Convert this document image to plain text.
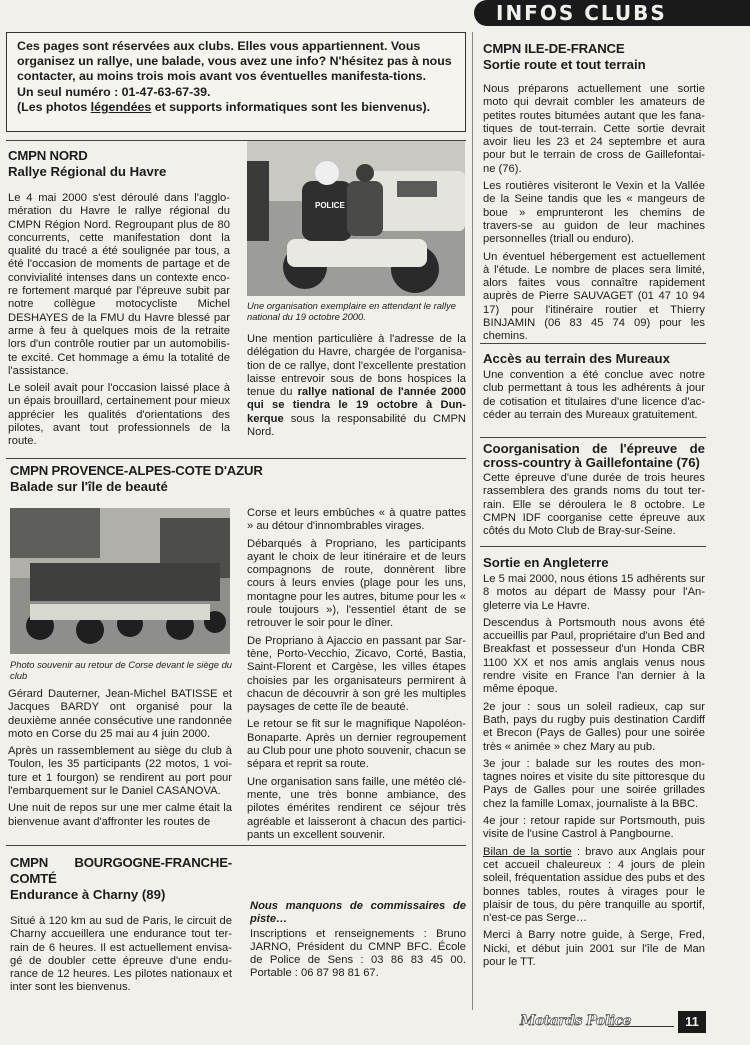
INFOS CLUBS
Ces pages sont réservées aux clubs. Elles vous appartiennent. Vous organisez un rallye, une balade, vous avez une info? N'hésitez pas à nous contacter, au moins trois mois avant vos éventuelles manifesta-tions.
Un seul numéro : 01-47-63-67-39.
(Les photos légendées et supports informatiques sont les bienvenus).
CMPN NORD
Rallye Régional du Havre

Le 4 mai 2000 s'est déroulé dans l'agglo-mération du Havre le rallye régional du CMPN Région Nord. Regroupant plus de 80 concurrents, cette manifestation dont la qualité du tracé a été soulignée par tous, a été l'occasion de moments de partage et de convivialité intenses dans un contexte enco-re fortement marqué par l'épreuve subit par notre collègue motocycliste Michel DESHAYES de la FMU du Havre blessé par arme à feu à quelques mois de la retraite lors d'un contrôle routier par un automobilis-te excité. Cet hommage a ému la totalité de l'assistance.

Le soleil avait pour l'occasion laissé place à un épais brouillard, certainement pour mieux apprécier les qualités d'orientations des pilotes, avant tout professionnels de la route.

POLICE
Une organisation exemplaire en attendant le rallye national du 19 octobre 2000.

Une mention particulière à l'adresse de la délégation du Havre, chargée de l'organisa-tion de ce rallye, dont l'excellente prestation laisse entrevoir sous de bons hospices la tenue du rallye national de l'année 2000 qui se tiendra le 19 octobre à Dun-kerque sous la responsabilité du CMPN Nord.

CMPN PROVENCE-ALPES-COTE D'AZUR
Balade sur l'île de beauté
Photo souvenir au retour de Corse devant le siège du club

Gérard Dauterner, Jean-Michel BATISSE et Jacques BARDY ont organisé pour la deuxième année consécutive une randonnée moto en Corse du 25 mai au 4 juin 2000.

Après un rassemblement au siège du club à Toulon, les 35 participants (22 motos, 1 voi-ture et 1 fourgon) se rendirent au port pour l'embarquement sur le Daniel CASANOVA.

Une nuit de repos sur une mer calme était la bienvenue avant d'affronter les routes de

Corse et leurs embûches « à quatre pattes » au détour d'innombrables virages.

Débarqués à Propriano, les participants ayant le choix de leur itinéraire et de leurs compagnons de route, donnèrent libre cours à leurs envies (plage pour les uns, montagne pour les autres, bitume pour les « roule toujours »), l'essentiel étant de se retrouver le soir pour le dîner.

De Propriano à Ajaccio en passant par Sar-tène, Porto-Vecchio, Zicavo, Corté, Bastia, Saint-Florent et Cargèse, les villes étapes choisies par les organisateurs permirent à chacun de découvrir à son gré les multiples paysages de cette île de beauté.

Le retour se fit sur le magnifique Napoléon-Bonaparte. Après un dernier regroupement au Club pour une photo souvenir, chacun se sépara et reprit sa route.

Une organisation sans faille, une météo clé-mente, une très bonne ambiance, des pilotes émérites rendirent ce séjour très agréable et laisseront à chacun des partici-pants un excellent souvenir.

CMPN BOURGOGNE-FRANCHE-COMTÉ
Endurance à Charny (89)

Situé à 120 km au sud de Paris, le circuit de Charny accueillera une endurance tout ter-rain de 6 heures. Il est actuellement envisa-gé de doubler cette épreuve d'une endu-rance de 12 heures. Les pilotes nationaux et inter sont les bienvenus.

Nous manquons de commissaires de piste…

Inscriptions et renseignements : Bruno JARNO, Président du CMNP BFC. École de Police de Sens : 03 86 83 45 00. Portable : 06 87 98 81 67.

CMPN ILE-DE-FRANCE
Sortie route et tout terrain

Nous préparons actuellement une sortie moto qui devrait combler les amateurs de petites routes bitumées autant que les fana-tiques de tout-terrain. Cette sortie devrait avoir lieu les 23 et 24 septembre et aura pour but le terrain de cross de Gaillefontai-ne (76).

Les routières visiteront le Vexin et la Vallée de la Seine tandis que les « mangeurs de boue » emprunteront les chemins de travers-se au guidon de leur machines personnelles (triall ou enduro).

Un éventuel hébergement est actuellement à l'étude. Le nombre de places sera limité, alors faites vous connaître rapidement auprès de Pierre SAUVAGET (01 47 10 94 17) pour l'itinéraire routier et Thierry BINJAMIN (06 83 45 74 09) pour les chemins.

Accès au terrain des Mureaux

Une convention a été conclue avec notre club permettant à tous les adhérents à jour de cotisation et titulaires d'une licence d'ac-céder au terrain des Mureaux gratuitement.

Coorganisation de l'épreuve de cross-country à Gaillefontaine (76)

Cette épreuve d'une durée de trois heures rassemblera des grands noms du tout ter-rain. Elle se déroulera le 8 octobre. Le CMPN IDF coorganise cette épreuve aux côtés du Moto Club de Bray-sur-Seine.

Sortie en Angleterre

Le 5 mai 2000, nous étions 15 adhérents sur 8 motos au départ de Massy pour l'An-gleterre via Le Havre.

Descendus à Portsmouth nous avons été accueillis par Paul, propriétaire d'un Bed and Breakfast et possesseur d'un Honda CBR 1100 XX et nos amis anglais venus nous rendre visite en France l'an dernier à la même époque.

2e jour : sous un soleil radieux, cap sur Bath, pays du rugby puis destination Cardiff et Brecon (Pays de Galles) pour une soirée très « animée » chez Mary au pub.

3e jour : balade sur les routes des mon-tagnes noires et visite du site pittoresque du Pays de Galles pour une soirée grillades chez la famille Lomax, journaliste à la BBC.

4e jour : retour rapide sur Portsmouth, puis visite de l'usine Castrol à Pangbourne.

Bilan de la sortie : bravo aux Anglais pour cet accueil chaleureux : 4 jours de plein soleil, fréquentation assidue des pubs et des bonnes tables, routes à virages pour le plaisir de tous, du père tranquille au sportif, n'est-ce pas Serge…

Merci à Barry notre guide, à Serge, Fred, Nicki, et début juin 2001 sur l'île de Man pour le TT.

Motards Police	11
